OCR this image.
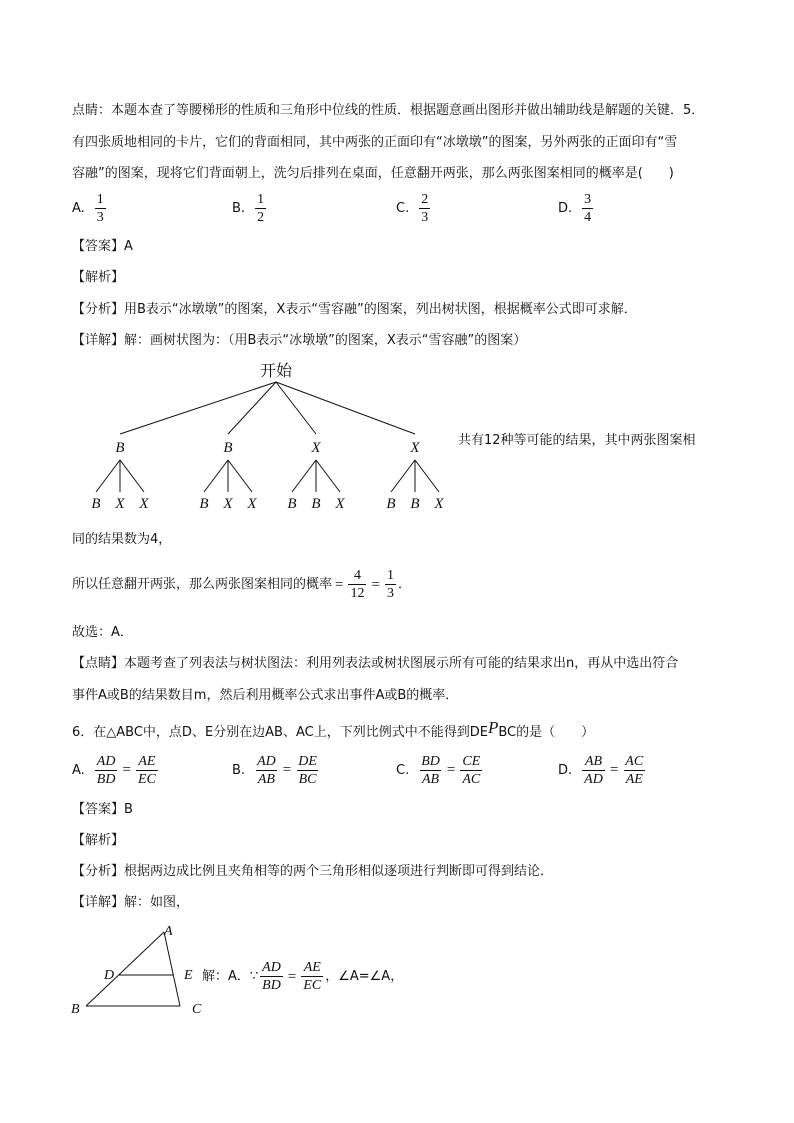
点睛：本题本查了等腰梯形的性质和三角形中位线的性质．根据题意画出图形并做出辅助线是解题的关键．5．
有四张质地相同的卡片，它们的背面相同，其中两张的正面印有“冰墩墩”的图案，另外两张的正面印有“雪
容融”的图案，现将它们背面朝上，洗匀后排列在桌面，任意翻开两张，那么两张图案相同的概率是(　　)
A. $\frac{1}{3}$	B. $\frac{1}{2}$	C. $\frac{2}{3}$	D. $\frac{3}{4}$
【答案】A
【解析】
【分析】用B表示“冰墩墩”的图案，X表示“雪容融”的图案，列出树状图，根据概率公式即可求解．
【详解】解：画树状图为：（用B表示“冰墩墩”的图案，X表示“雪容融”的图案）
开始
B
B X X
B
B X X
X
B B X
X
B B X
共有12种等可能的结果，其中两张图案相
同的结果数为4，
所以任意翻开两张，那么两张图案相同的概率 = $\frac{4}{12} = \frac{1}{3}$ ．
故选：A．
【点睛】本题考查了列表法与树状图法：利用列表法或树状图展示所有可能的结果求出n，再从中选出符合
事件A或B的结果数目m，然后利用概率公式求出事件A或B的概率．
6．在△ABC中，点D、E分别在边AB、AC上，下列比例式中不能得到DEPBC的是（　　）
A. $\frac{AD}{BD} = \frac{AE}{EC}$	B. $\frac{AD}{AB} = \frac{DE}{BC}$	C. $\frac{BD}{AB} = \frac{CE}{AC}$	D. $\frac{AB}{AD} = \frac{AC}{AE}$
【答案】B
【解析】
【分析】根据两边成比例且夹角相等的两个三角形相似逐项进行判断即可得到结论．
【详解】解：如图，
A
B	C
D	E 解：A．∵ $\frac{AD}{BD} = \frac{AE}{EC}$ ，∠A=∠A，
